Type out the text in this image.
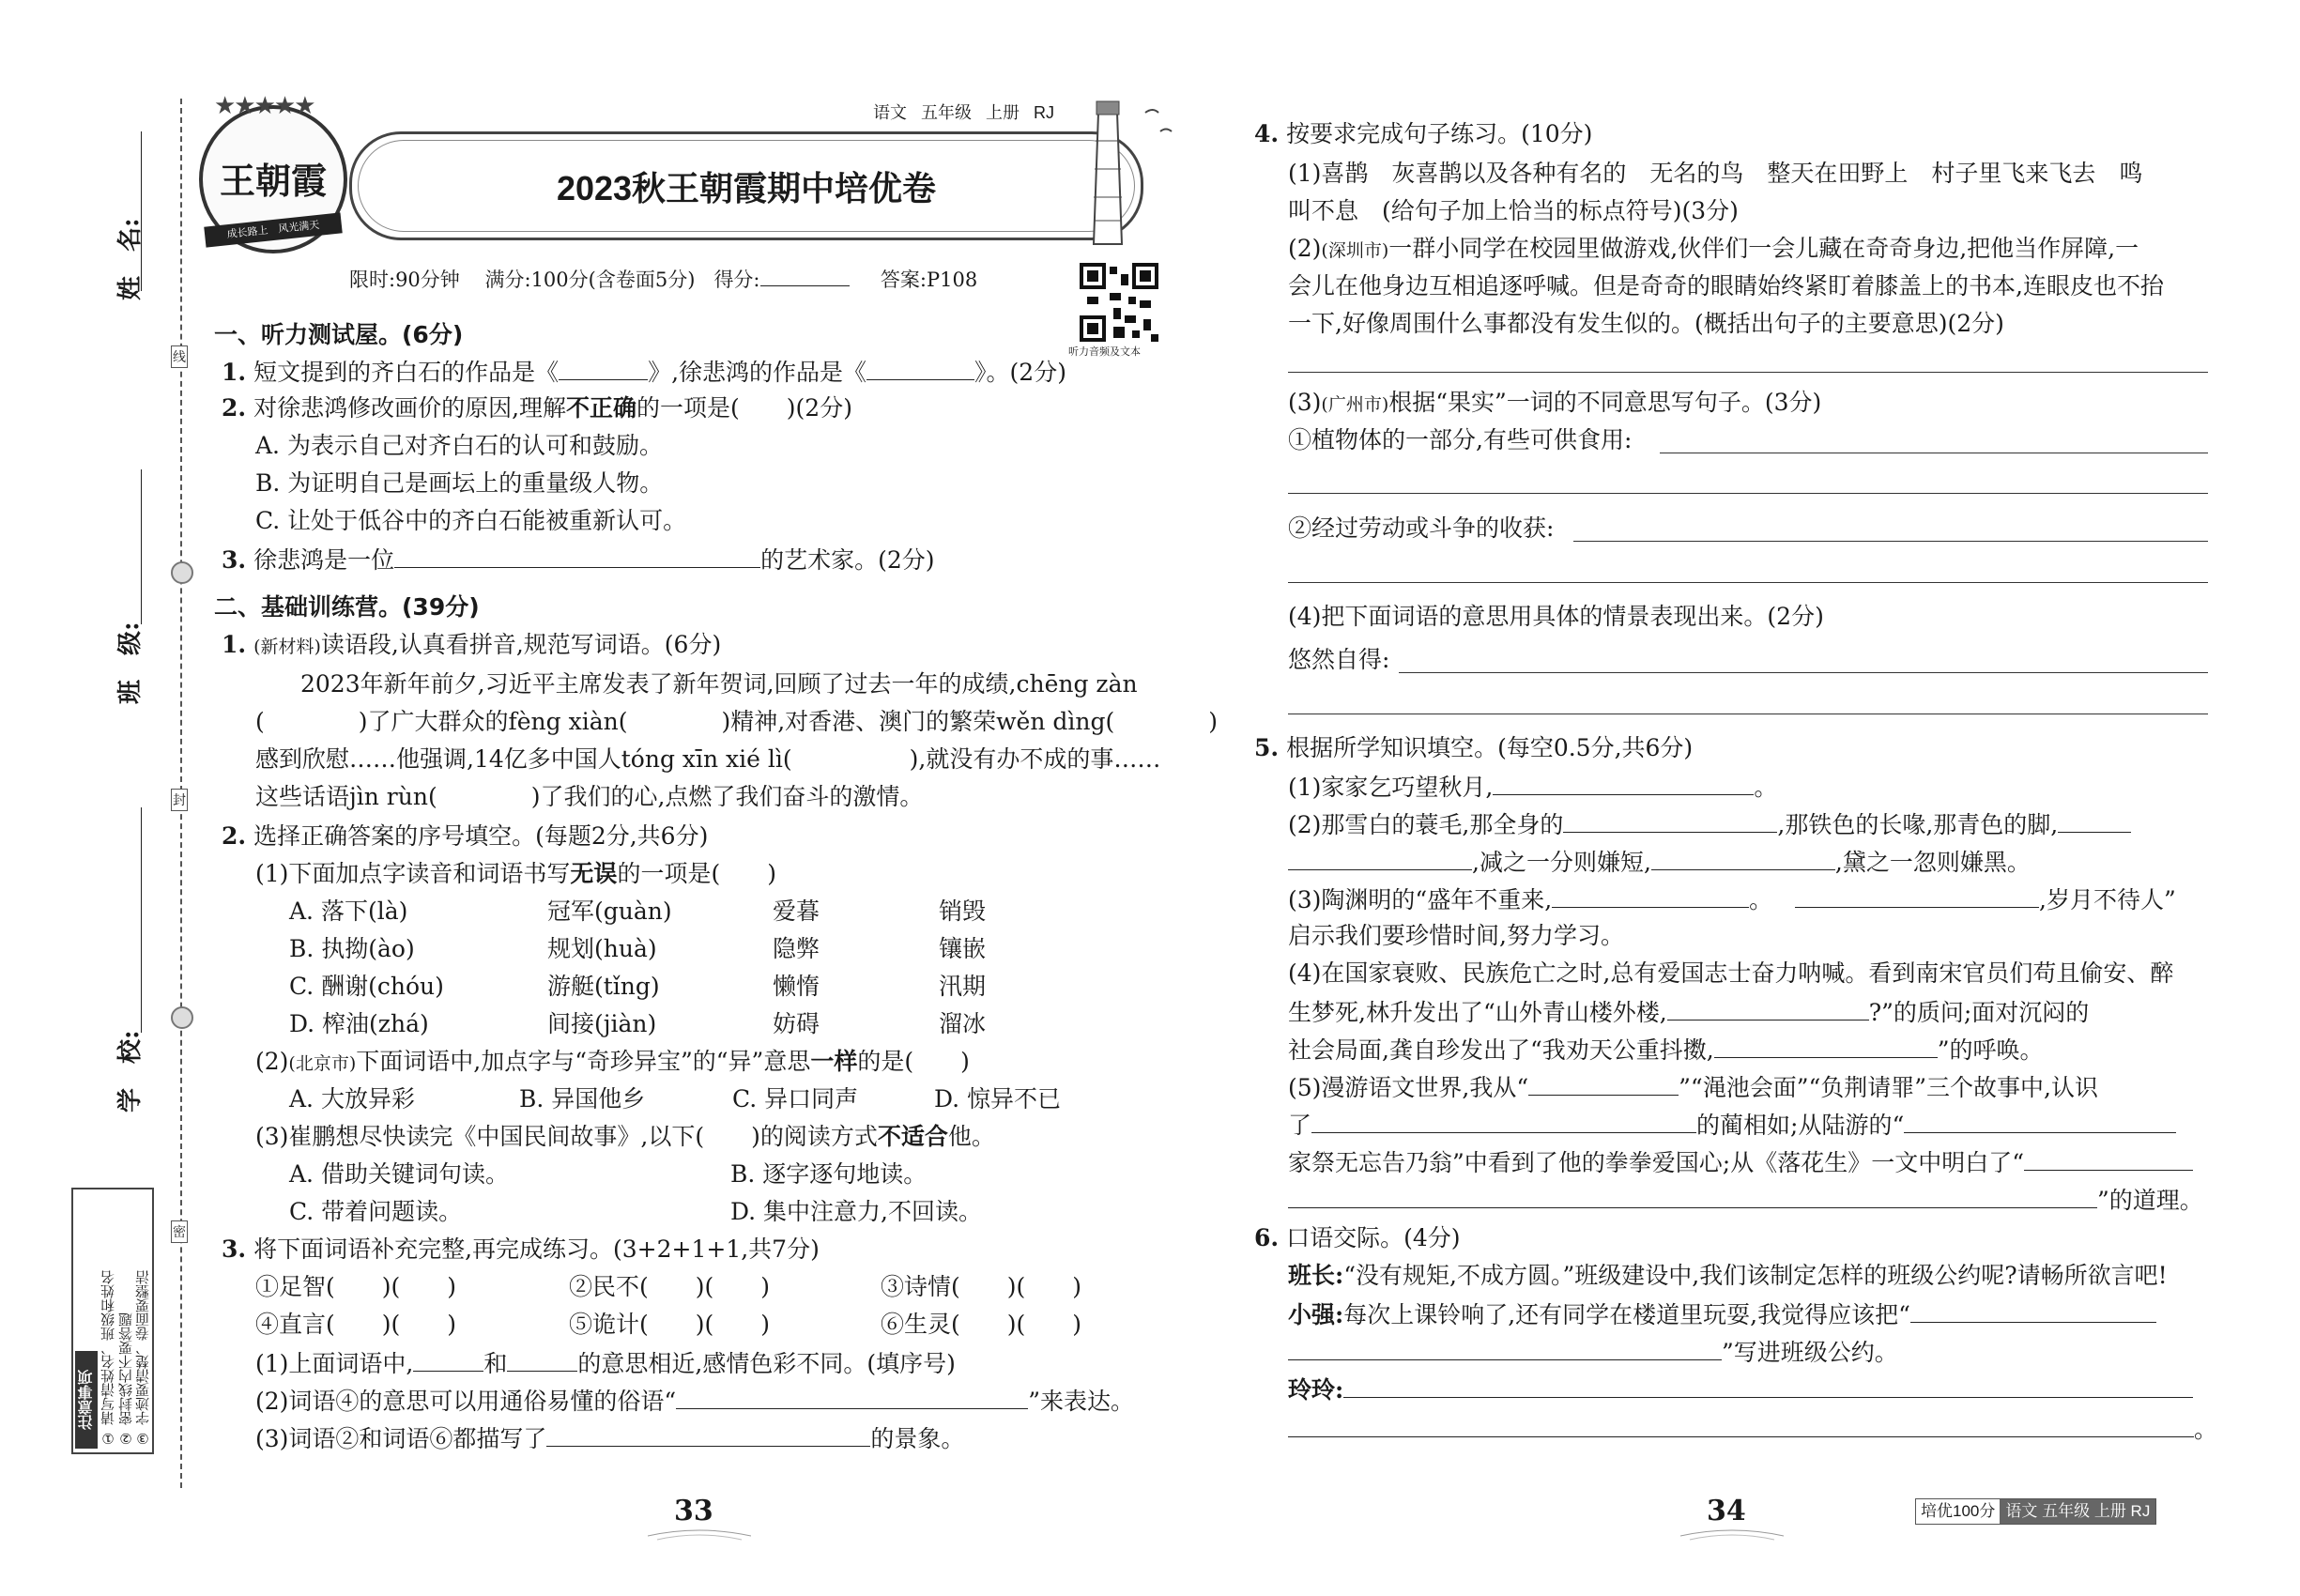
姓　名:
班　级:
学　校:
线
封
密
注意事项 ① 请写清姓名、班级和姓名 ② 密封线内不要答题 ③ 字迹要清楚、卷面要整洁
★★★★★
王朝霞
成长路上　风光满天
语文 五年级 上册 RJ
2023秋王朝霞期中培优卷
限时:90分钟 满分:100分(含卷面5分) 得分:	答案:P108
听力音频及文本
一、听力测试屋。(6分)
1. 短文提到的齐白石的作品是《	》,徐悲鸿的作品是《	》。(2分)
2. 对徐悲鸿修改画价的原因,理解不正确的一项是(　　)(2分)
A. 为表示自己对齐白石的认可和鼓励。
B. 为证明自己是画坛上的重量级人物。
C. 让处于低谷中的齐白石能被重新认可。
3. 徐悲鸿是一位	的艺术家。(2分)
二、基础训练营。(39分)
1. (新材料)读语段,认真看拼音,规范写词语。(6分)
2023年新年前夕,习近平主席发表了新年贺词,回顾了过去一年的成绩,chēng zàn
(　　　　)了广大群众的fèng xiàn(　　　　)精神,对香港、澳门的繁荣wěn dìng(　　　　)
感到欣慰……他强调,14亿多中国人tóng xīn xié lì(　　　　　),就没有办不成的事……
这些话语jìn rùn(　　　　)了我们的心,点燃了我们奋斗的激情。
2. 选择正确答案的序号填空。(每题2分,共6分)
(1)下面加点字读音和词语书写无误的一项是(　　)
A. 落下(là)	冠军(guàn)	爱暮	销毁
B. 执拗(ào)	规划(huà)	隐弊	镶嵌
C. 酬谢(chóu)	游艇(tǐng)	懒惰	汛期
D. 榨油(zhá)	间接(jiàn)	妨碍	溜冰
(2)(北京市)下面词语中,加点字与“奇珍异宝”的“异”意思一样的是(　　)
A. 大放异彩	B. 异国他乡	C. 异口同声	D. 惊异不已
(3)崔鹏想尽快读完《中国民间故事》,以下(　　)的阅读方式不适合他。
A. 借助关键词句读。	B. 逐字逐句地读。
C. 带着问题读。	D. 集中注意力,不回读。
3. 将下面词语补充完整,再完成练习。(3+2+1+1,共7分)
①足智(　　)(　　)	②民不(　　)(　　)	③诗情(　　)(　　)
④直言(　　)(　　)	⑤诡计(　　)(　　)	⑥生灵(　　)(　　)
(1)上面词语中,	和	的意思相近,感情色彩不同。(填序号)
(2)词语④的意思可以用通俗易懂的俗语“	”来表达。
(3)词语②和词语⑥都描写了	的景象。
33
4. 按要求完成句子练习。(10分)
(1)喜鹊　灰喜鹊以及各种有名的　无名的鸟　整天在田野上　村子里飞来飞去　鸣
叫不息　(给句子加上恰当的标点符号)(3分)
(2)(深圳市)一群小同学在校园里做游戏,伙伴们一会儿藏在奇奇身边,把他当作屏障,一
会儿在他身边互相追逐呼喊。但是奇奇的眼睛始终紧盯着膝盖上的书本,连眼皮也不抬
一下,好像周围什么事都没有发生似的。(概括出句子的主要意思)(2分)
(3)(广州市)根据“果实”一词的不同意思写句子。(3分)
①植物体的一部分,有些可供食用:
②经过劳动或斗争的收获:
(4)把下面词语的意思用具体的情景表现出来。(2分)
悠然自得:
5. 根据所学知识填空。(每空0.5分,共6分)
(1)家家乞巧望秋月,	。
(2)那雪白的蓑毛,那全身的	,那铁色的长喙,那青色的脚,
,减之一分则嫌短,	,黛之一忽则嫌黑。
(3)陶渊明的“盛年不重来,	。	,岁月不待人”
启示我们要珍惜时间,努力学习。
(4)在国家衰败、民族危亡之时,总有爱国志士奋力呐喊。看到南宋官员们苟且偷安、醉
生梦死,林升发出了“山外青山楼外楼,	?”的质问;面对沉闷的
社会局面,龚自珍发出了“我劝天公重抖擞,	”的呼唤。
(5)漫游语文世界,我从“	”“渑池会面”“负荆请罪”三个故事中,认识
了	的蔺相如;从陆游的“
家祭无忘告乃翁”中看到了他的拳拳爱国心;从《落花生》一文中明白了“
”的道理。
6. 口语交际。(4分)
班长:“没有规矩,不成方圆。”班级建设中,我们该制定怎样的班级公约呢?请畅所欲言吧!
小强:每次上课铃响了,还有同学在楼道里玩耍,我觉得应该把“
”写进班级公约。
玲玲:
。
34	培优100分 语文 五年级 上册 RJ
